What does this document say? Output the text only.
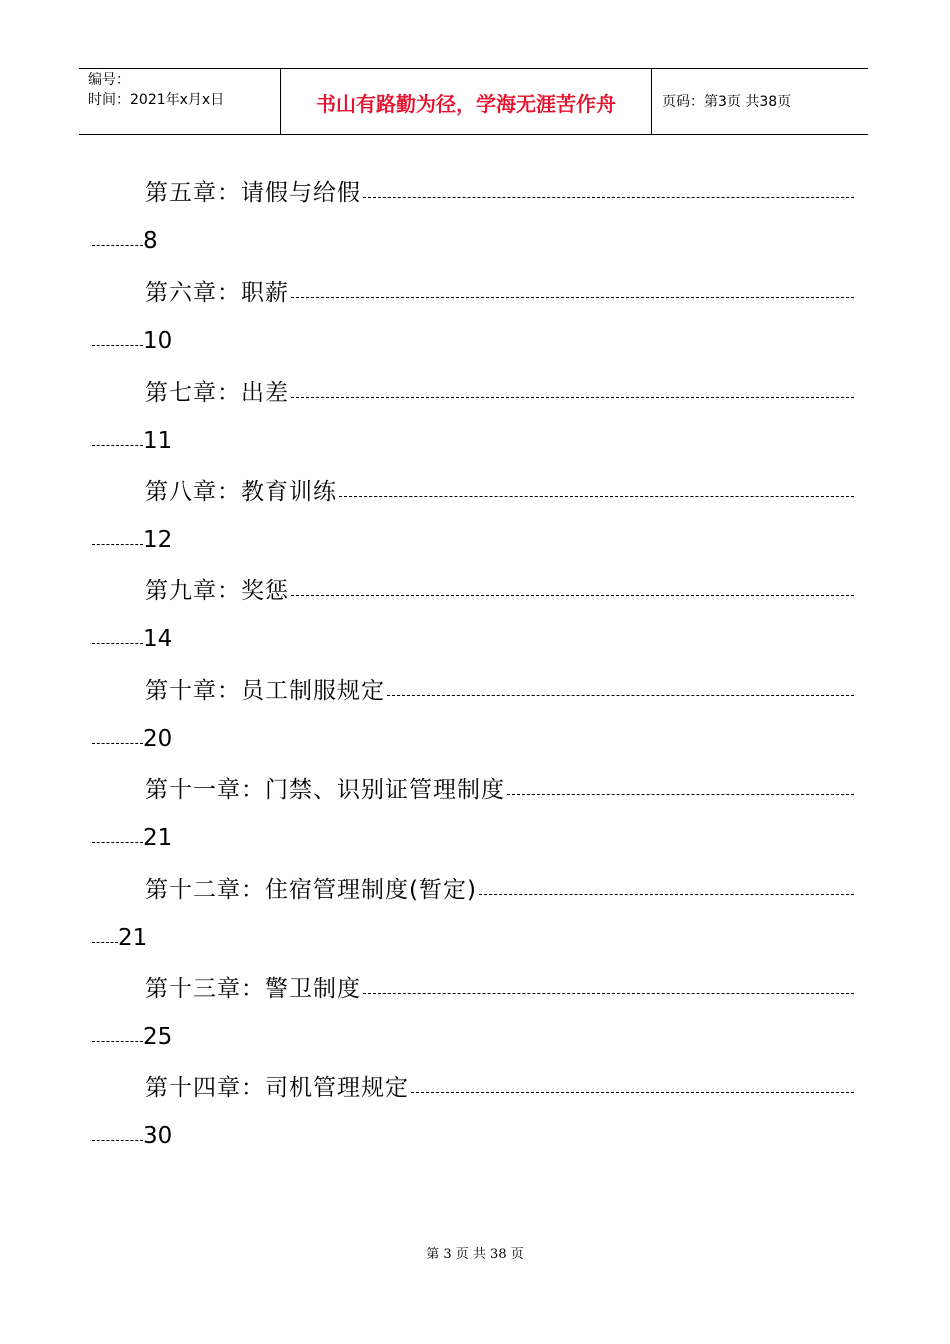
编号：
时间：2021年x月x日	书山有路勤为径，学海无涯苦作舟	页码：第3页 共38页
第五章：请假与给假
8
第六章：职薪
10
第七章：出差
11
第八章：教育训练
12
第九章：奖惩
14
第十章：员工制服规定
20
第十一章：门禁、识别证管理制度
21
第十二章：住宿管理制度(暂定)
21
第十三章：警卫制度
25
第十四章：司机管理规定
30
第 3 页 共 38 页
